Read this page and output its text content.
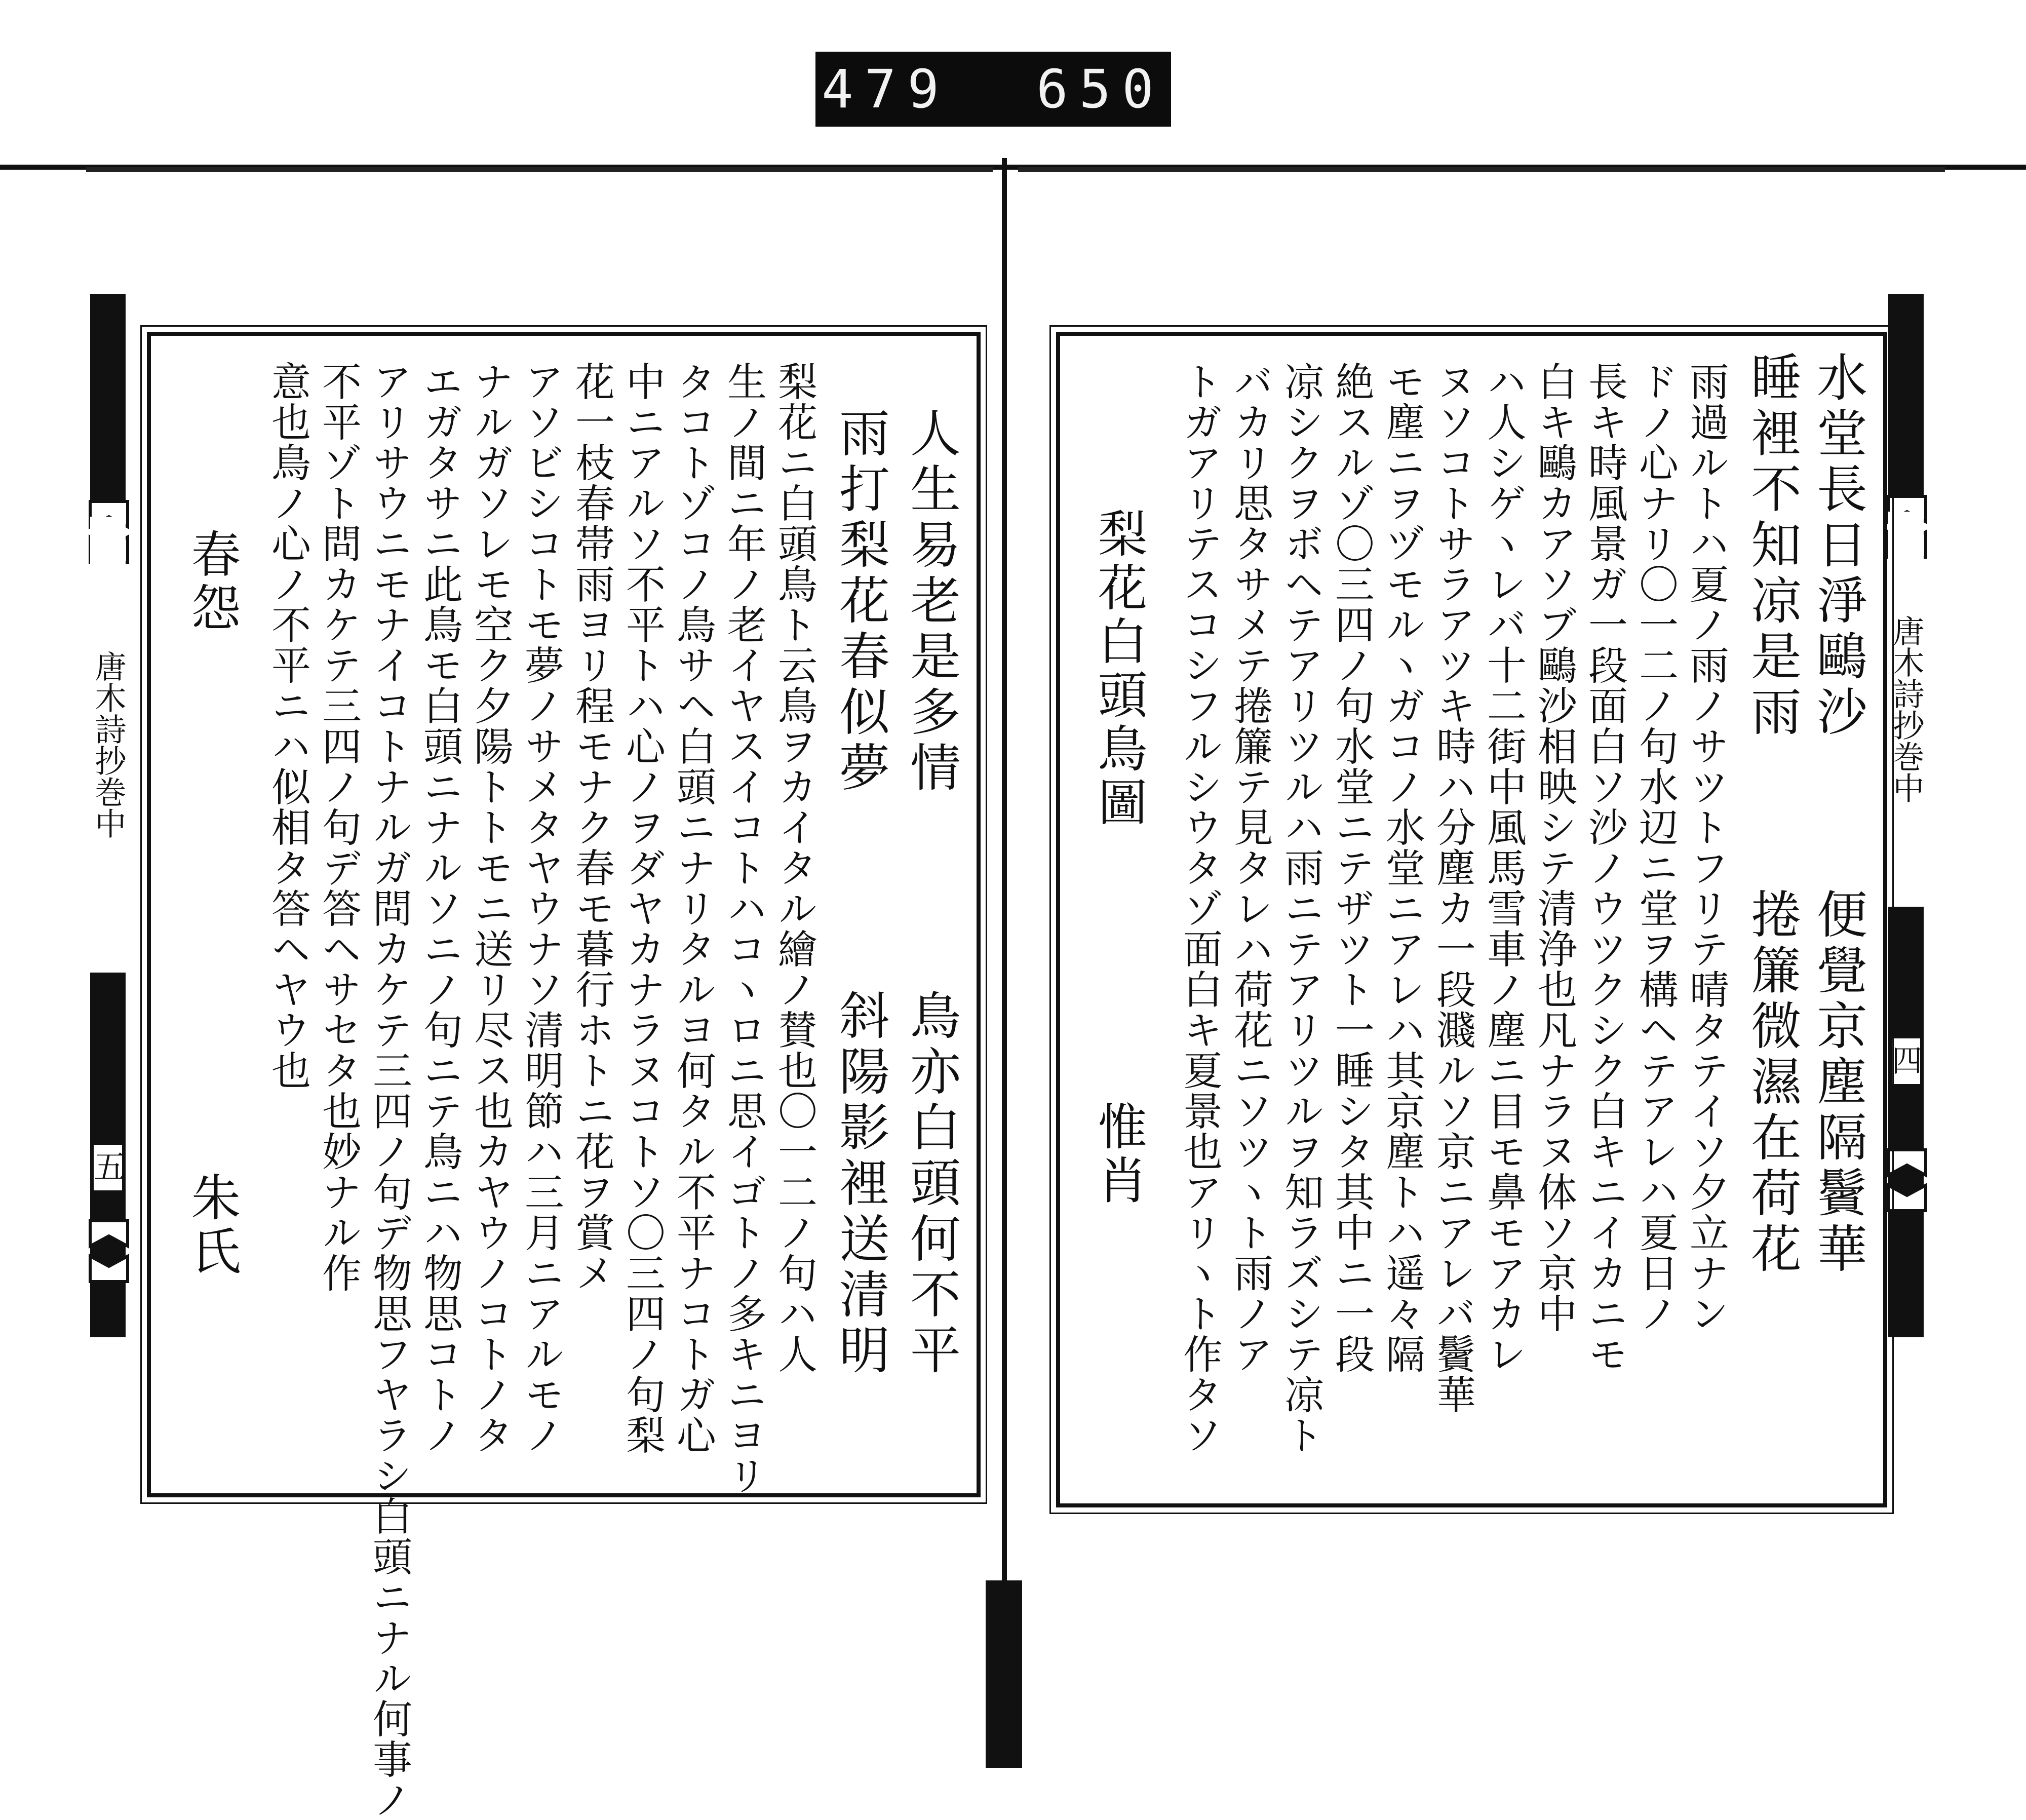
479 650
唐木詩抄巻中
五
唐木詩抄巻中
四
水堂長日淨鷗沙
睡裡不知凉是雨
便覺京塵隔鬢華
捲簾微濕在荷花
雨過ルトハ夏ノ雨ノサツトフリテ晴タテイソ夕立ナン
ドノ心ナリ〇一二ノ句水辺ニ堂ヲ構ヘテアレハ夏日ノ
長キ時風景ガ一段面白ソ沙ノウツクシク白キニイカニモ
白キ鷗カアソブ鷗沙相映シテ清浄也凡ナラヌ体ソ京中
ハ人シゲヽレバ十二街中風馬雪車ノ塵ニ目モ鼻モアカレ
ヌソコトサラアツキ時ハ分塵カ一段濺ルソ京ニアレバ鬢華
モ塵ニヲヅモルヽガコノ水堂ニアレハ其京塵トハ遥々隔
絶スルゾ〇三四ノ句水堂ニテザツト一睡シタ其中ニ一段
凉シクヲボヘテアリツルハ雨ニテアリツルヲ知ラズシテ凉ト
バカリ思タサメテ捲簾テ見タレハ荷花ニソツヽト雨ノア
トガアリテスコシフルシウタゾ面白キ夏景也アリヽト作タソ
梨花白頭鳥圖
惟肖
人生易老是多情
雨打梨花春似夢
鳥亦白頭何不平
斜陽影裡送清明
梨花ニ白頭鳥ト云鳥ヲカイタル繪ノ賛也〇一二ノ句ハ人
生ノ間ニ年ノ老イヤスイコトハコヽロニ思イゴトノ多キニヨリ
タコトゾコノ鳥サヘ白頭ニナリタルヨ何タル不平ナコトガ心
中ニアルソ不平トハ心ノヲダヤカナラヌコトソ〇三四ノ句梨
花一枝春帯雨ヨリ程モナク春モ暮行ホトニ花ヲ賞メ
アソビシコトモ夢ノサメタヤウナソ清明節ハ三月ニアルモノ
ナルガソレモ空ク夕陽トトモニ送リ尽ス也カヤウノコトノタ
エガタサニ此鳥モ白頭ニナルソニノ句ニテ鳥ニハ物思コトノ
アリサウニモナイコトナルガ問カケテ三四ノ句デ物思フヤラシ白頭ニナル何事ノ
不平ゾト問カケテ三四ノ句デ答ヘサセタ也妙ナル作
意也鳥ノ心ノ不平ニハ似相タ答ヘヤウ也
春怨
朱氏
